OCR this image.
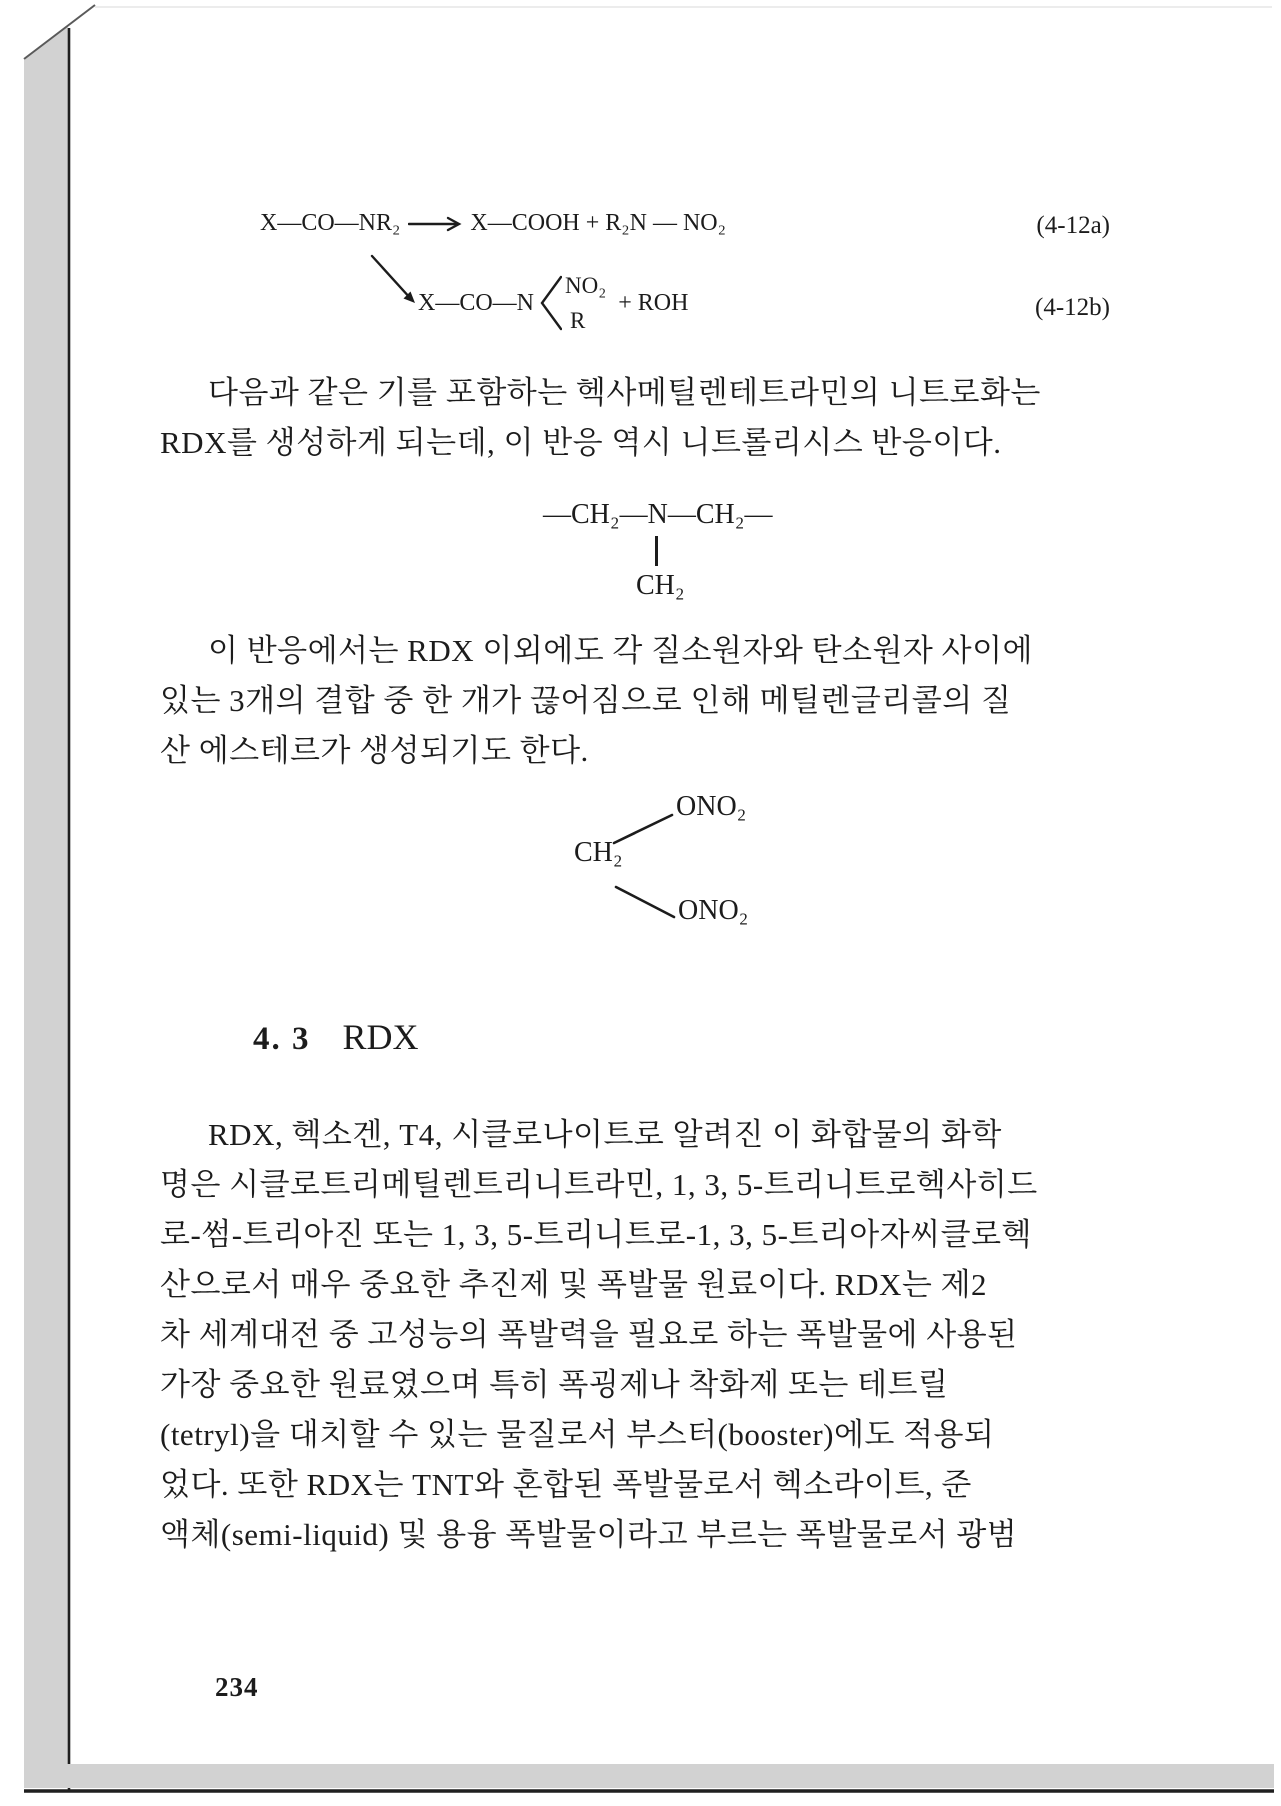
X—CO—NR₂ → X—COOH + R₂N — NO₂	(4-12a)
X—CO—N
NO₂
R
+ ROH	(4-12b)
다음과 같은 기를 포함하는 헥사메틸렌테트라민의 니트로화는
RDX를 생성하게 되는데, 이 반응 역시 니트롤리시스 반응이다.
—CH₂—N—CH₂—
CH₂
이 반응에서는 RDX 이외에도 각 질소원자와 탄소원자 사이에
있는 3개의 결합 중 한 개가 끊어짐으로 인해 메틸렌글리콜의 질
산 에스테르가 생성되기도 한다.
CH₂
ONO₂
ONO₂
4. 3 RDX
RDX, 헥소겐, T4, 시클로나이트로 알려진 이 화합물의 화학
명은 시클로트리메틸렌트리니트라민, 1, 3, 5-트리니트로헥사히드
로-썸-트리아진 또는 1, 3, 5-트리니트로-1, 3, 5-트리아자씨클로헥
산으로서 매우 중요한 추진제 및 폭발물 원료이다. RDX는 제2
차 세계대전 중 고성능의 폭발력을 필요로 하는 폭발물에 사용된
가장 중요한 원료였으며 특히 폭굉제나 착화제 또는 테트릴
(tetryl)을 대치할 수 있는 물질로서 부스터(booster)에도 적용되
었다. 또한 RDX는 TNT와 혼합된 폭발물로서 헥소라이트, 준
액체(semi-liquid) 및 용융 폭발물이라고 부르는 폭발물로서 광범
234
